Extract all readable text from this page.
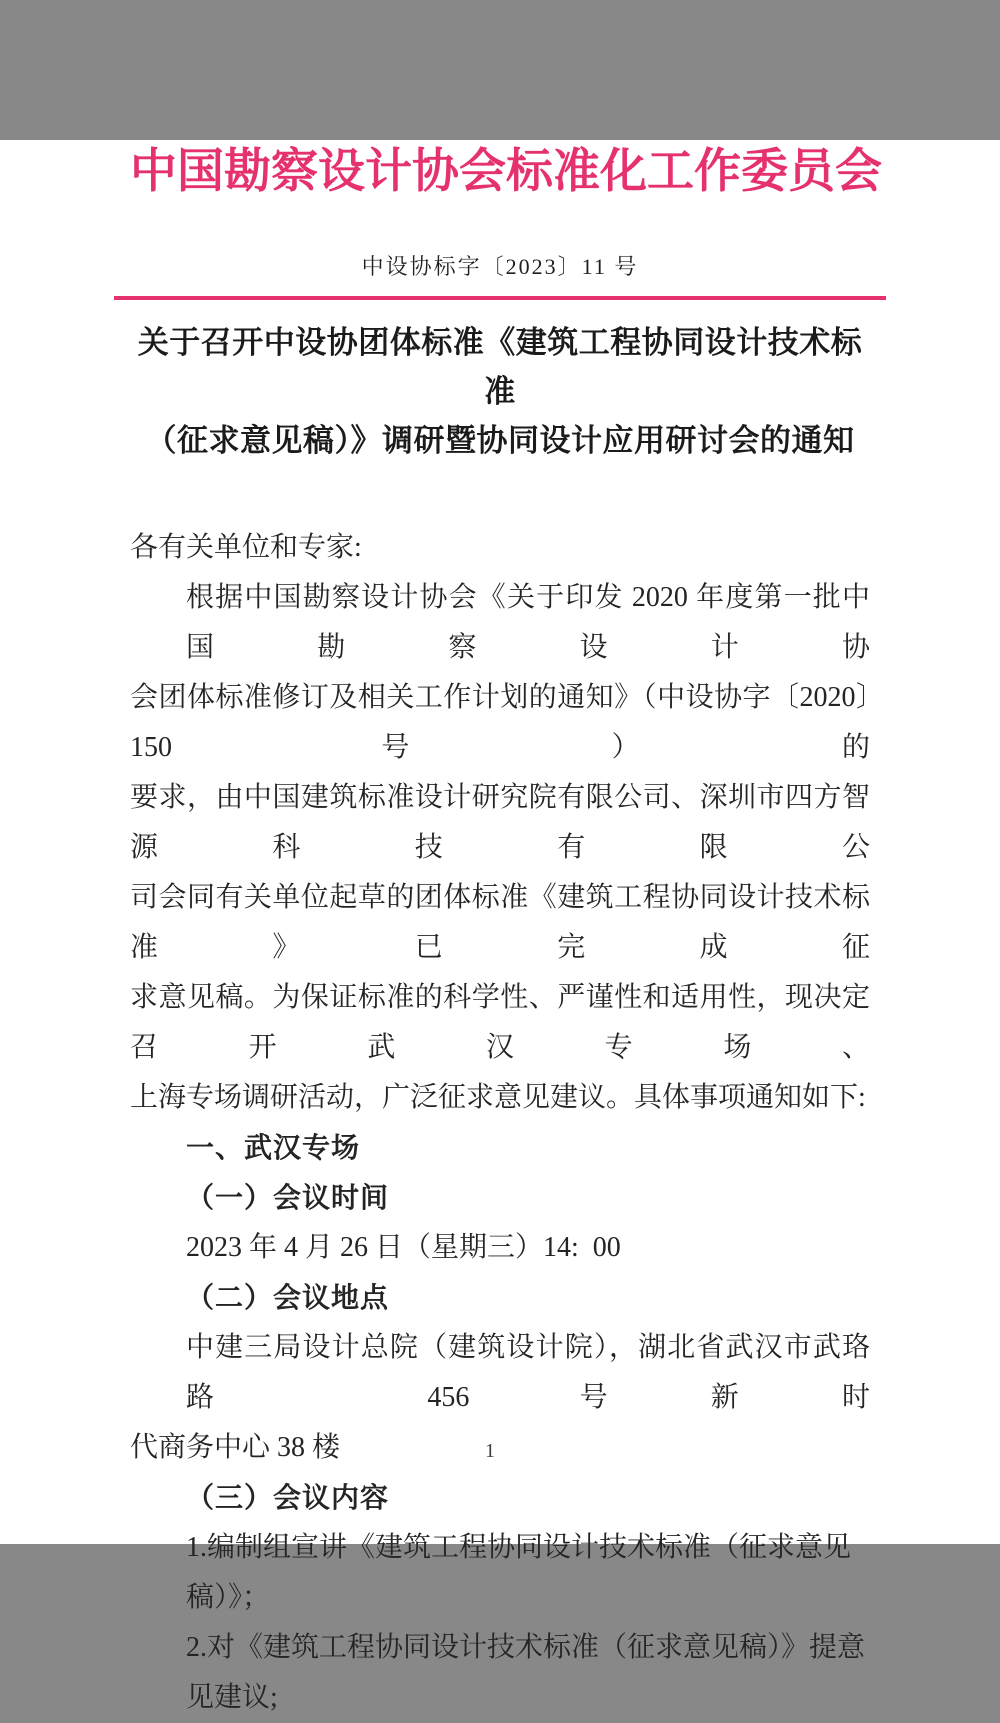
中国勘察设计协会标准化工作委员会
中设协标字〔2023〕11 号
关于召开中设协团体标准《建筑工程协同设计技术标准
（征求意见稿）》调研暨协同设计应用研讨会的通知
各有关单位和专家:
根据中国勘察设计协会《关于印发 2020 年度第一批中国勘察设计协
会团体标准修订及相关工作计划的通知》（中设协字〔2020〕150 号）的
要求，由中国建筑标准设计研究院有限公司、深圳市四方智源科技有限公
司会同有关单位起草的团体标准《建筑工程协同设计技术标准》已完成征
求意见稿。为保证标准的科学性、严谨性和适用性，现决定召开武汉专场、
上海专场调研活动，广泛征求意见建议。具体事项通知如下:
一、武汉专场
（一）会议时间
2023 年 4 月 26 日（星期三）14:  00
（二）会议地点
中建三局设计总院（建筑设计院），湖北省武汉市武珞路 456 号新时
代商务中心 38 楼
（三）会议内容
1.编制组宣讲《建筑工程协同设计技术标准（征求意见稿）》；
2.对《建筑工程协同设计技术标准（征求意见稿）》提意见建议;
1
